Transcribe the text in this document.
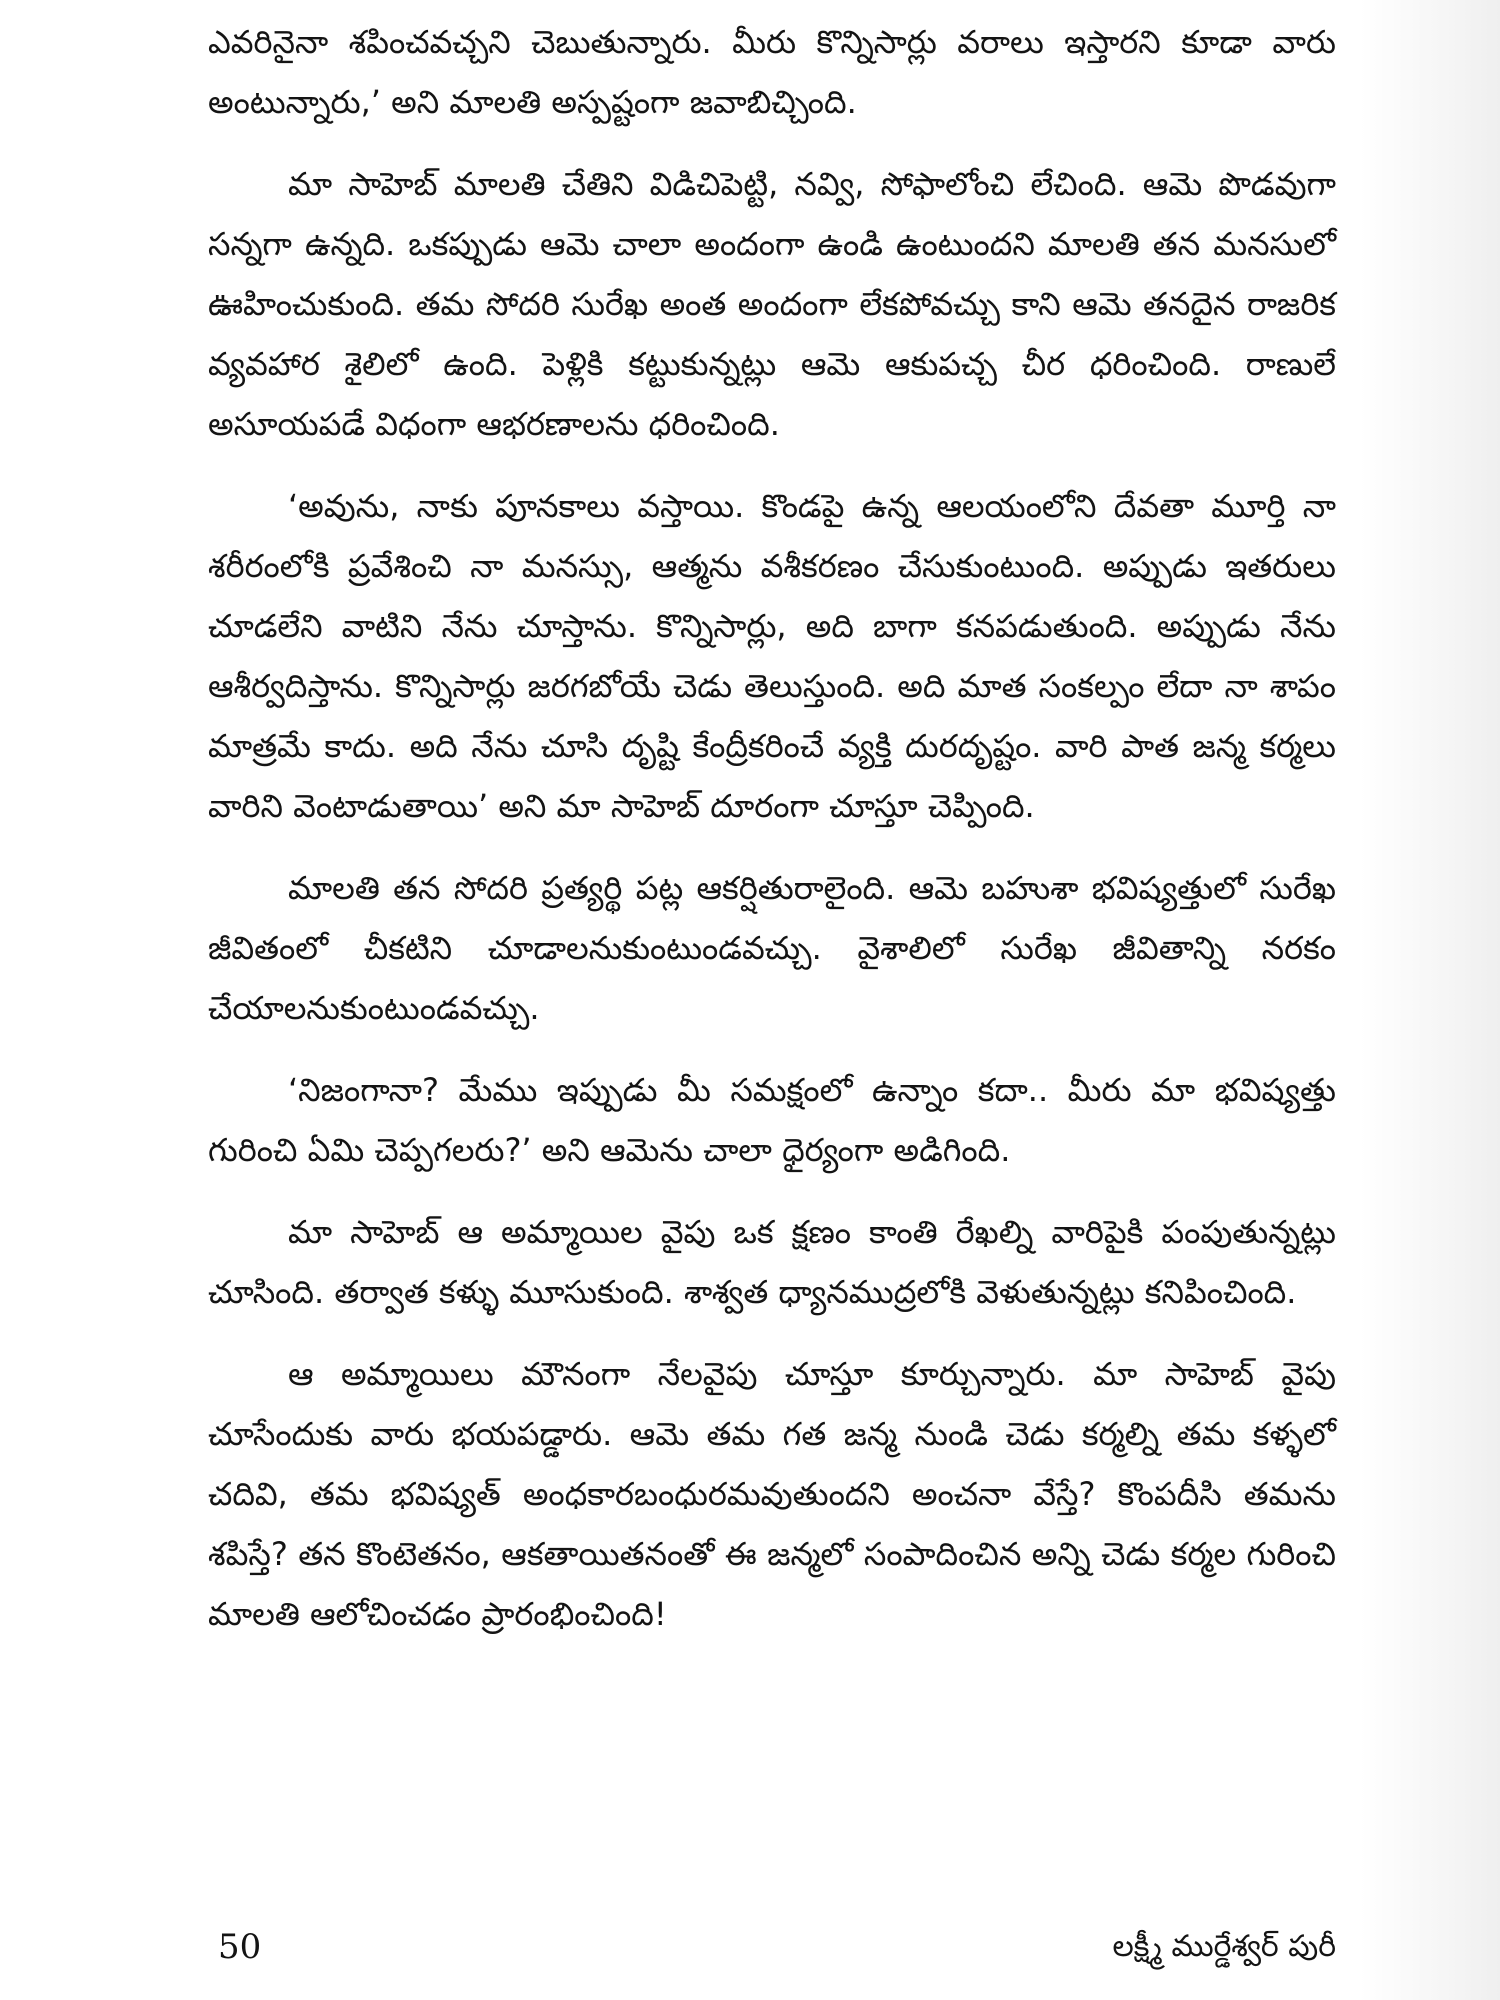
ఎవరినైనా శపించవచ్చని చెబుతున్నారు. మీరు కొన్నిసార్లు వరాలు ఇస్తారని కూడా వారు అంటున్నారు,’ అని మాలతి అస్పష్టంగా జవాబిచ్చింది.

మా సాహెబ్ మాలతి చేతిని విడిచిపెట్టి, నవ్వి, సోఫాలోంచి లేచింది. ఆమె పొడవుగా సన్నగా ఉన్నది. ఒకప్పుడు ఆమె చాలా అందంగా ఉండి ఉంటుందని మాలతి తన మనసులో ఊహించుకుంది. తమ సోదరి సురేఖ అంత అందంగా లేకపోవచ్చు కాని ఆమె తనదైన రాజరిక వ్యవహార శైలిలో ఉంది. పెళ్లికి కట్టుకున్నట్లు ఆమె ఆకుపచ్చ చీర ధరించింది. రాణులే అసూయపడే విధంగా ఆభరణాలను ధరించింది.

‘అవును, నాకు పూనకాలు వస్తాయి. కొండపై ఉన్న ఆలయంలోని దేవతా మూర్తి నా శరీరంలోకి ప్రవేశించి నా మనస్సు, ఆత్మను వశీకరణం చేసుకుంటుంది. అప్పుడు ఇతరులు చూడలేని వాటిని నేను చూస్తాను. కొన్నిసార్లు, అది బాగా కనపడుతుంది. అప్పుడు నేను ఆశీర్వదిస్తాను. కొన్నిసార్లు జరగబోయే చెడు తెలుస్తుంది. అది మాత సంకల్పం లేదా నా శాపం మాత్రమే కాదు. అది నేను చూసి దృష్టి కేంద్రీకరించే వ్యక్తి దురదృష్టం. వారి పాత జన్మ కర్మలు వారిని వెంటాడుతాయి’ అని మా సాహెబ్ దూరంగా చూస్తూ చెప్పింది.

మాలతి తన సోదరి ప్రత్యర్థి పట్ల ఆకర్షితురాలైంది. ఆమె బహుశా భవిష్యత్తులో సురేఖ జీవితంలో చీకటిని చూడాలనుకుంటుండవచ్చు. వైశాలిలో సురేఖ జీవితాన్ని నరకం చేయాలనుకుంటుండవచ్చు.

‘నిజంగానా? మేము ఇప్పుడు మీ సమక్షంలో ఉన్నాం కదా.. మీరు మా భవిష్యత్తు గురించి ఏమి చెప్పగలరు?’ అని ఆమెను చాలా ధైర్యంగా అడిగింది.

మా సాహెబ్ ఆ అమ్మాయిల వైపు ఒక క్షణం కాంతి రేఖల్ని వారిపైకి పంపుతున్నట్లు చూసింది. తర్వాత కళ్ళు మూసుకుంది. శాశ్వత ధ్యానముద్రలోకి వెళుతున్నట్లు కనిపించింది.

ఆ అమ్మాయిలు మౌనంగా నేలవైపు చూస్తూ కూర్చున్నారు. మా సాహెబ్ వైపు చూసేందుకు వారు భయపడ్డారు. ఆమె తమ గత జన్మ నుండి చెడు కర్మల్ని తమ కళ్ళలో చదివి, తమ భవిష్యత్ అంధకారబంధురమవుతుందని అంచనా వేస్తే? కొంపదీసి తమను శపిస్తే? తన కొంటెతనం, ఆకతాయితనంతో ఈ జన్మలో సంపాదించిన అన్ని చెడు కర్మల గురించి మాలతి ఆలోచించడం ప్రారంభించింది!

50	లక్ష్మీ ముర్డేశ్వర్ పురీ
